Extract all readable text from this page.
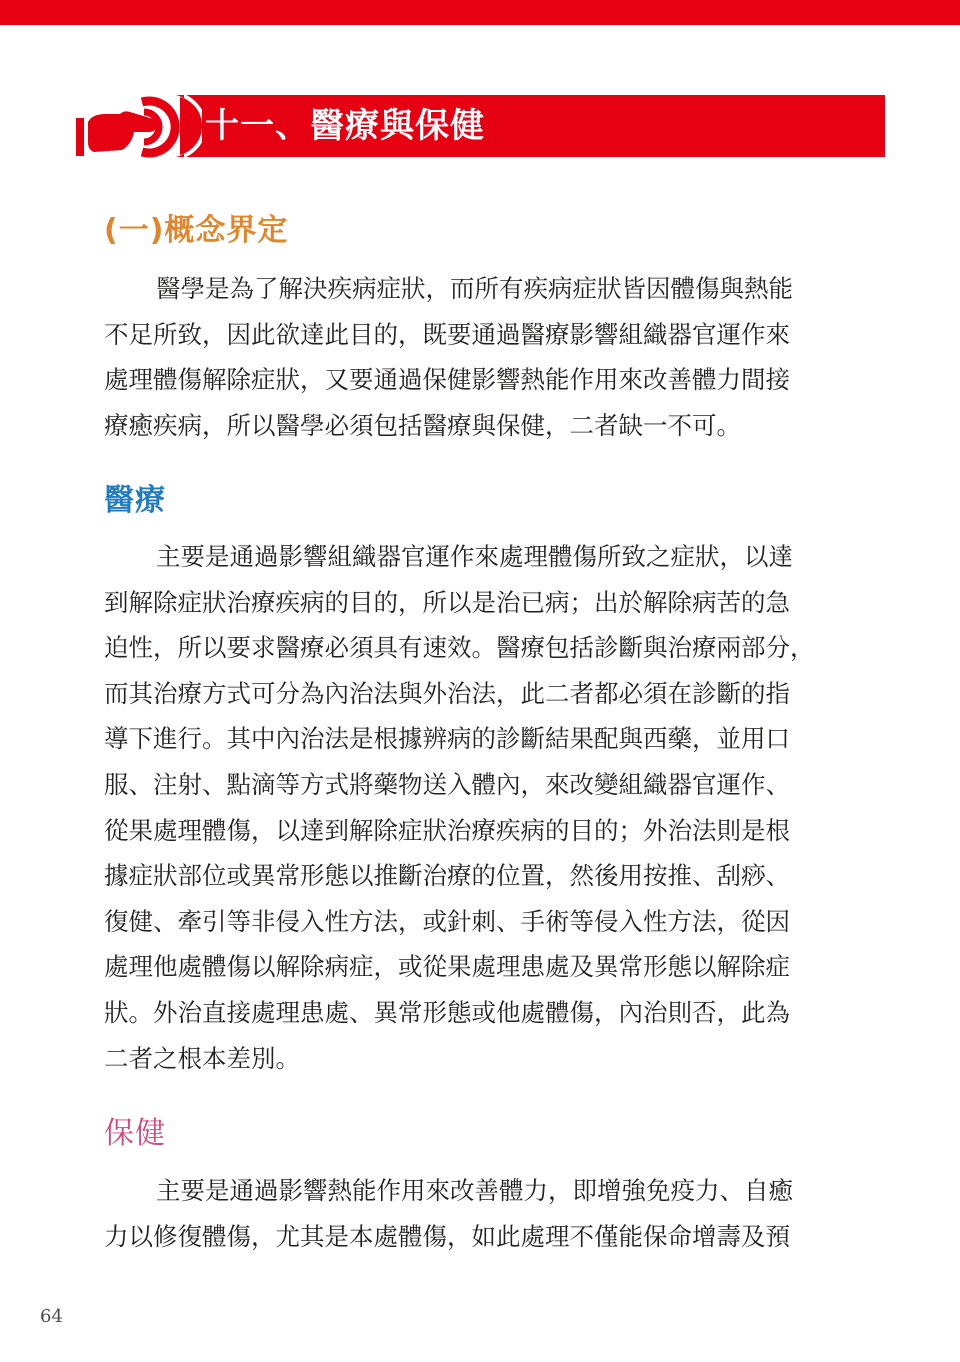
十一、醫療與保健
(一)概念界定
醫學是為了解決疾病症狀，而所有疾病症狀皆因體傷與熱能
不足所致，因此欲達此目的，既要通過醫療影響組織器官運作來
處理體傷解除症狀，又要通過保健影響熱能作用來改善體力間接
療癒疾病，所以醫學必須包括醫療與保健，二者缺一不可。
醫療
主要是通過影響組織器官運作來處理體傷所致之症狀，以達
到解除症狀治療疾病的目的，所以是治已病；出於解除病苦的急
迫性，所以要求醫療必須具有速效。醫療包括診斷與治療兩部分，
而其治療方式可分為內治法與外治法，此二者都必須在診斷的指
導下進行。其中內治法是根據辨病的診斷結果配與西藥，並用口
服、注射、點滴等方式將藥物送入體內，來改變組織器官運作、
從果處理體傷，以達到解除症狀治療疾病的目的；外治法則是根
據症狀部位或異常形態以推斷治療的位置，然後用按推、刮痧、
復健、牽引等非侵入性方法，或針刺、手術等侵入性方法，從因
處理他處體傷以解除病症，或從果處理患處及異常形態以解除症
狀。外治直接處理患處、異常形態或他處體傷，內治則否，此為
二者之根本差別。
保健
主要是通過影響熱能作用來改善體力，即增強免疫力、自癒
力以修復體傷，尤其是本處體傷，如此處理不僅能保命增壽及預
64
